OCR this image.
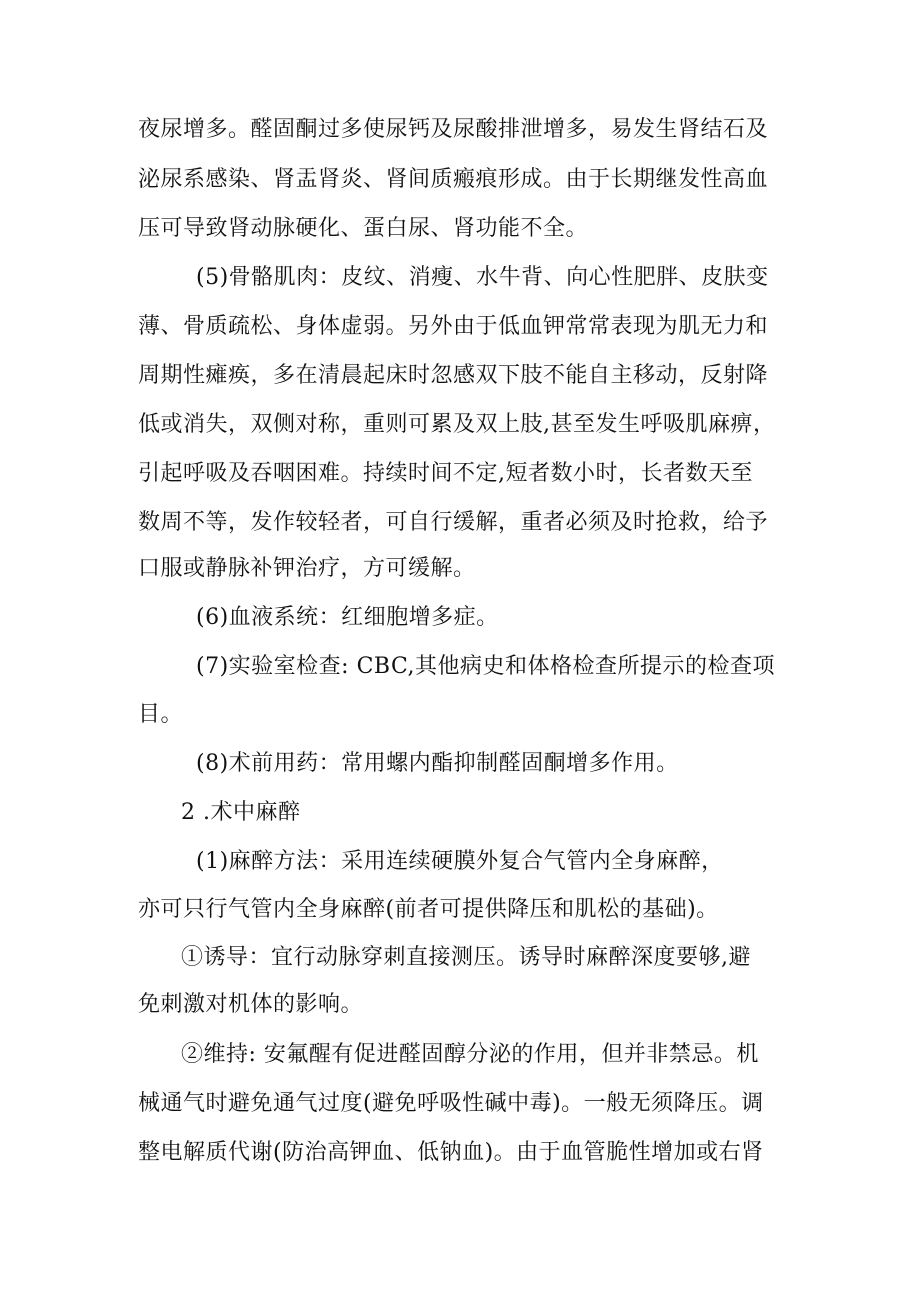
夜尿增多。醛固酮过多使尿钙及尿酸排泄增多，易发生肾结石及

泌尿系感染、肾盂肾炎、肾间质瘢痕形成。由于长期继发性高血

压可导致肾动脉硬化、蛋白尿、肾功能不全。

(5)骨骼肌肉：皮纹、消瘦、水牛背、向心性肥胖、皮肤变

薄、骨质疏松、身体虚弱。另外由于低血钾常常表现为肌无力和

周期性瘫痪，多在清晨起床时忽感双下肢不能自主移动，反射降

低或消失，双侧对称，重则可累及双上肢,甚至发生呼吸肌麻痹，

引起呼吸及吞咽困难。持续时间不定,短者数小时，长者数天至

数周不等，发作较轻者，可自行缓解，重者必须及时抢救，给予

口服或静脉补钾治疗，方可缓解。

(6)血液系统：红细胞增多症。

(7)实验室检查: CBC,其他病史和体格检查所提示的检查项

目。

(8)术前用药：常用螺内酯抑制醛固酮增多作用。

2 .术中麻醉

(1)麻醉方法：采用连续硬膜外复合气管内全身麻醉，

亦可只行气管内全身麻醉(前者可提供降压和肌松的基础)。

①诱导：宜行动脉穿刺直接测压。诱导时麻醉深度要够,避

免刺激对机体的影响。

②维持: 安氟醒有促进醛固醇分泌的作用，但并非禁忌。机

械通气时避免通气过度(避免呼吸性碱中毒)。一般无须降压。调

整电解质代谢(防治高钾血、低钠血)。由于血管脆性增加或右肾
